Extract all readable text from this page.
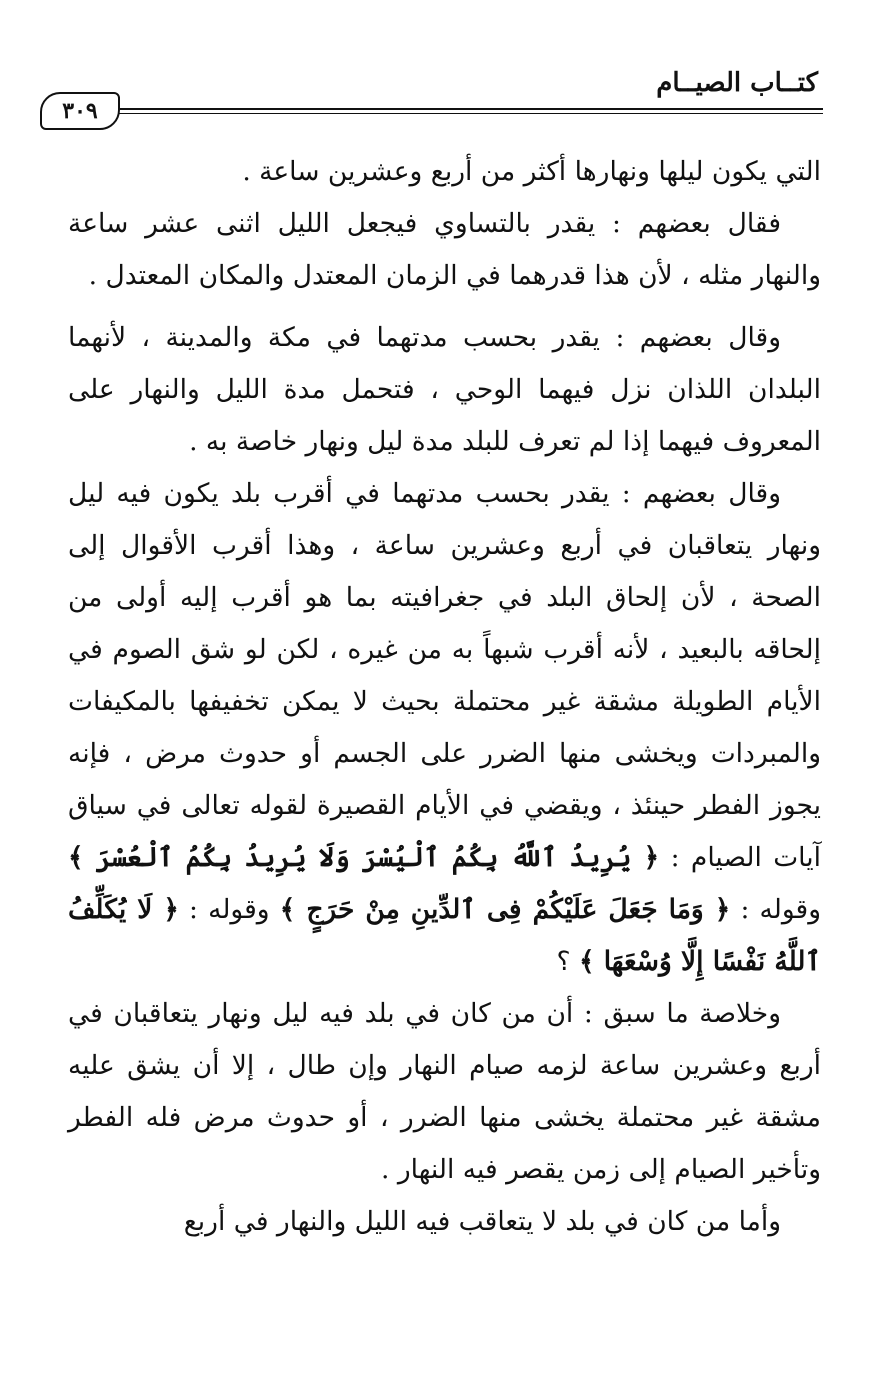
كتــاب الصيــام
٣٠٩

التي يكون ليلها ونهارها أكثر من أربع وعشرين ساعة .

فقال بعضهم : يقدر بالتساوي فيجعل الليل اثنى عشر ساعة والنهار مثله ، لأن هذا قدرهما في الزمان المعتدل والمكان المعتدل .

وقال بعضهم : يقدر بحسب مدتهما في مكة والمدينة ، لأنهما البلدان اللذان نزل فيهما الوحي ، فتحمل مدة الليل والنهار على المعروف فيهما إذا لم تعرف للبلد مدة ليل ونهار خاصة به .

وقال بعضهم : يقدر بحسب مدتهما في أقرب بلد يكون فيه ليل ونهار يتعاقبان في أربع وعشرين ساعة ، وهذا أقرب الأقوال إلى الصحة ، لأن إلحاق البلد في جغرافيته بما هو أقرب إليه أولى من إلحاقه بالبعيد ، لأنه أقرب شبهاً به من غيره ، لكن لو شق الصوم في الأيام الطويلة مشقة غير محتملة بحيث لا يمكن تخفيفها بالمكيفات والمبردات ويخشى منها الضرر على الجسم أو حدوث مرض ، فإنه يجوز الفطر حينئذ ، ويقضي في الأيام القصيرة لقوله تعالى في سياق آيات الصيام : ﴿ يُرِيدُ ٱللَّهُ بِكُمُ ٱلْيُسْرَ وَلَا يُرِيدُ بِكُمُ ٱلْعُسْرَ ﴾ وقوله : ﴿ وَمَا جَعَلَ عَلَيْكُمْ فِى ٱلدِّينِ مِنْ حَرَجٍ ﴾ وقوله : ﴿ لَا يُكَلِّفُ ٱللَّهُ نَفْسًا إِلَّا وُسْعَهَا ﴾ ؟

وخلاصة ما سبق : أن من كان في بلد فيه ليل ونهار يتعاقبان في أربع وعشرين ساعة لزمه صيام النهار وإن طال ، إلا أن يشق عليه مشقة غير محتملة يخشى منها الضرر ، أو حدوث مرض فله الفطر وتأخير الصيام إلى زمن يقصر فيه النهار .

وأما من كان في بلد لا يتعاقب فيه الليل والنهار في أربع
